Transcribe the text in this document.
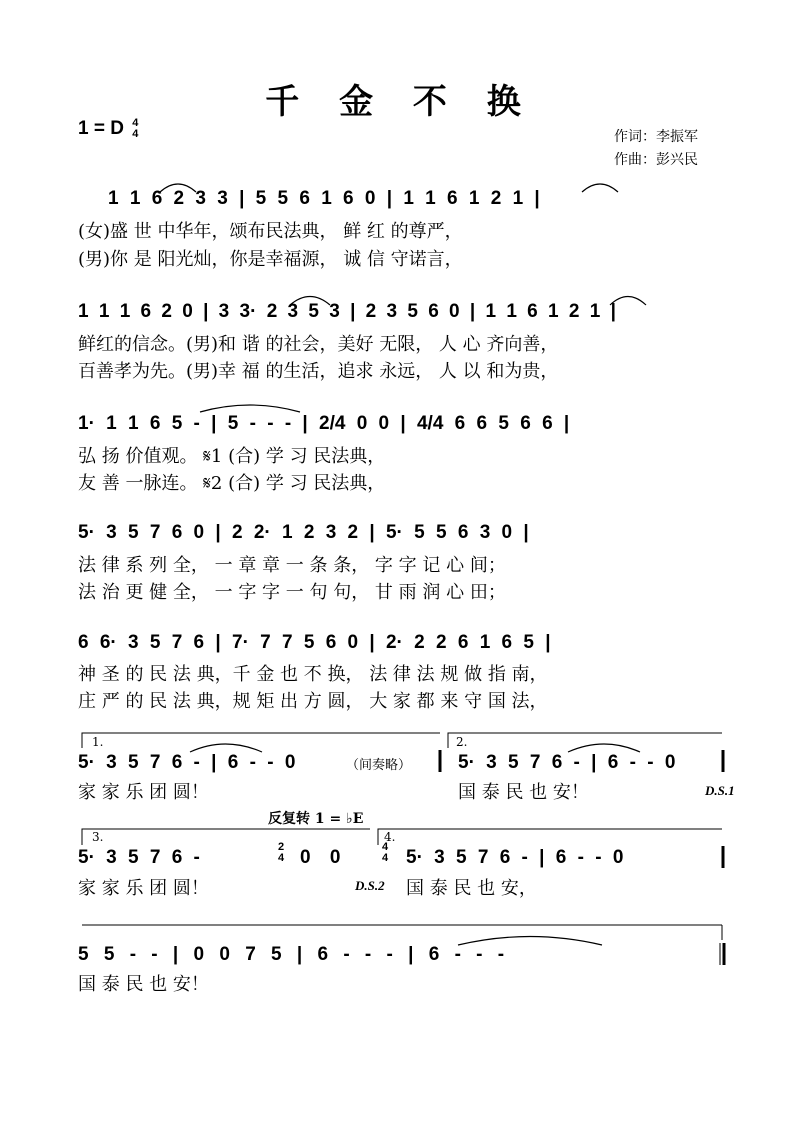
千 金 不 换
1 = D 4
4	作词：李振军
作曲：彭兴民
1 1 6 2 3 3 | 5 5 6 1 6 0 | 1 1 6 1 2 1 |
(女)盛 世 中华年，颂布民法典， 鲜 红 的尊严，
(男)你 是 阳光灿，你是幸福源， 诚 信 守诺言，
1 1 1 6 2 0 | 3 3· 2 3 5 3 | 2 3 5 6 0 | 1 1 6 1 2 1 |
鲜红的信念。(男)和 谐 的社会，美好 无限， 人 心 齐向善，
百善孝为先。(男)幸 福 的生活，追求 永远， 人 以 和为贵，
1· 1 1 6 5 - | 5 - - - | 2/4 0 0 | 4/4 6 6 5 6 6 |
弘 扬 价值观。 𝄋1 (合) 学 习 民法典，
友 善 一脉连。 𝄋2 (合) 学 习 民法典，
5· 3 5 7 6 0 | 2 2· 1 2 3 2 | 5· 5 5 6 3 0 |
法 律 系 列 全， 一 章 章 一 条 条， 字 字 记 心 间；
法 治 更 健 全， 一 字 字 一 句 句， 甘 雨 润 心 田；
6 6· 3 5 7 6 | 7· 7 7 5 6 0 | 2· 2 2 6 1 6 5 |
神 圣 的 民 法 典，千 金 也 不 换， 法 律 法 规 做 指 南，
庄 严 的 民 法 典，规 矩 出 方 圆， 大 家 都 来 守 国 法，
1.	2.
5· 3 5 7 6 - | 6 - - 0	（间奏略） 5· 3 5 7 6 - | 6 - - 0
家 家 乐 团 圆！	国 泰 民 也 安！	D.S.1
反复转 1 = ♭E
3.	4.
5· 3 5 7 6 -	2
4 0 0	4
4 5· 3 5 7 6 - | 6 - - 0
家 家 乐 团 圆！	D.S.2 国 泰 民 也 安，
5 5 - - | 0 0 7 5 | 6 - - - | 6 - - -
国 泰 民 也 安！
